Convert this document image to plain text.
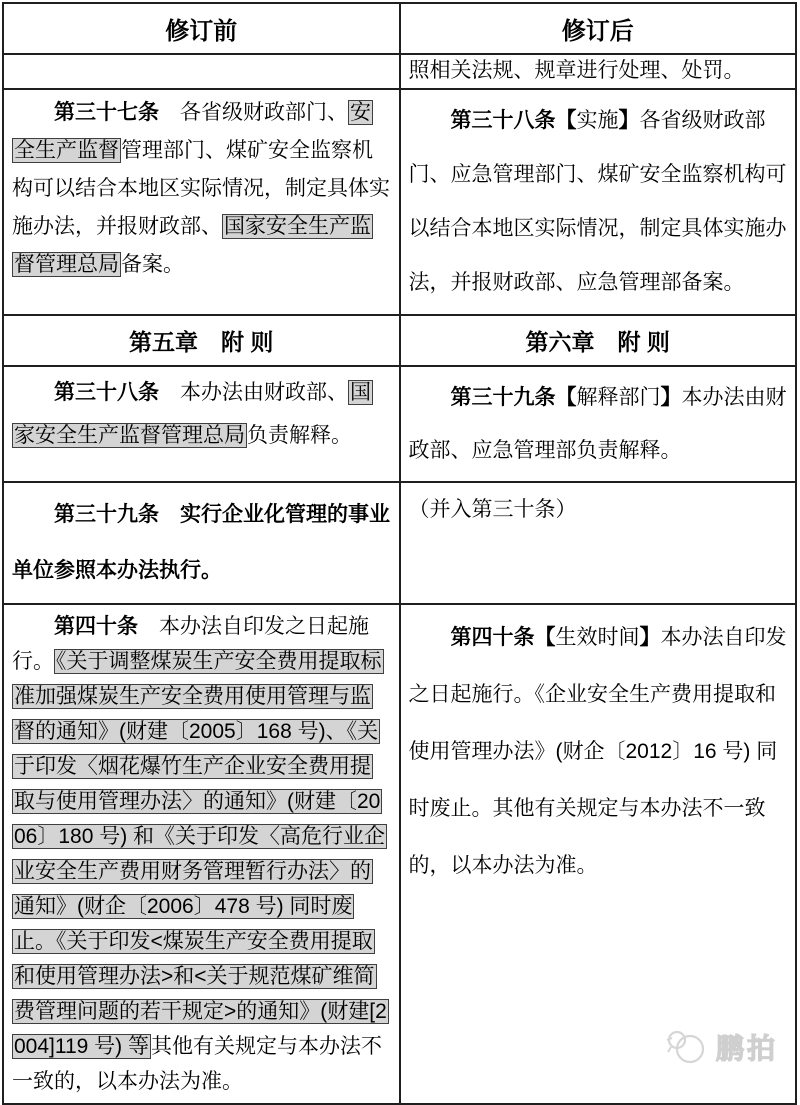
修订前	修订后

	照相关法规、规章进行处理、处罚。

第三十七条　各省级财政部门、安全生产监督管理部门、煤矿安全监察机构可以结合本地区实际情况，制定具体实施办法，并报财政部、国家安全生产监督管理总局备案。	第三十八条【实施】各省级财政部门、应急管理部门、煤矿安全监察机构可以结合本地区实际情况，制定具体实施办法，并报财政部、应急管理部备案。

第五章　附 则	第六章　附 则

第三十八条　本办法由财政部、国家安全生产监督管理总局负责解释。	第三十九条【解释部门】本办法由财政部、应急管理部负责解释。

第三十九条　实行企业化管理的事业单位参照本办法执行。	（并入第三十条）

第四十条　本办法自印发之日起施行。《关于调整煤炭生产安全费用提取标准加强煤炭生产安全费用使用管理与监督的通知》(财建〔2005〕168 号)、《关于印发〈烟花爆竹生产企业安全费用提取与使用管理办法〉的通知》(财建〔2006〕180 号) 和《关于印发〈高危行业企业安全生产费用财务管理暂行办法〉的通知》(财企〔2006〕478 号) 同时废止。《关于印发<煤炭生产安全费用提取和使用管理办法>和<关于规范煤矿维简费管理问题的若干规定>的通知》(财建[2004]119 号) 等其他有关规定与本办法不一致的，以本办法为准。	第四十条【生效时间】本办法自印发之日起施行。《企业安全生产费用提取和使用管理办法》(财企〔2012〕16 号) 同时废止。其他有关规定与本办法不一致的，以本办法为准。
鹏拍
